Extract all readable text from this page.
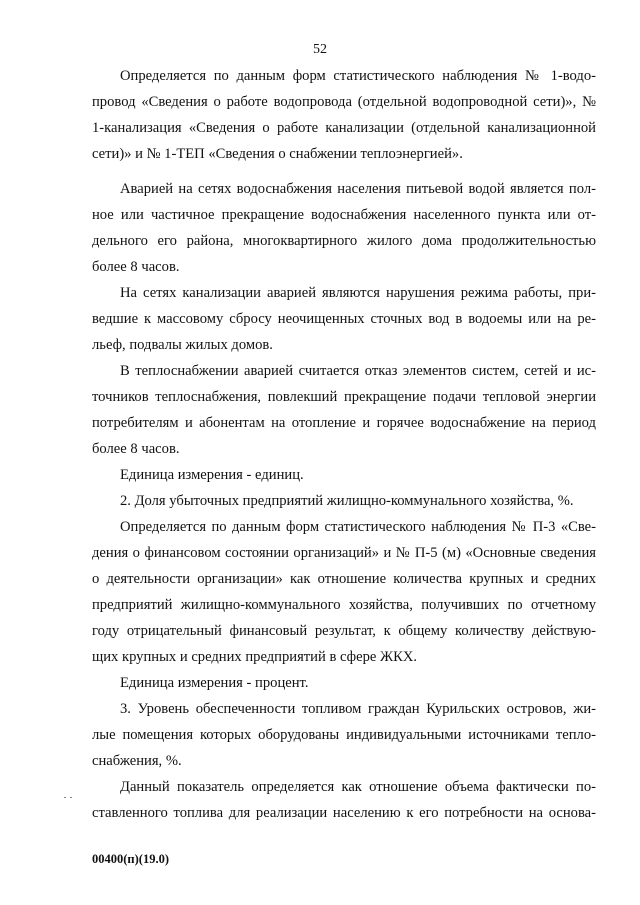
52
Определяется по данным форм статистического наблюдения № 1-водо-
провод «Сведения о работе водопровода (отдельной водопроводной сети)», №
1-канализация «Сведения о работе канализации (отдельной канализационной
сети)» и № 1-ТЕП «Сведения о снабжении теплоэнергией».
Аварией на сетях водоснабжения населения питьевой водой является пол-
ное или частичное прекращение водоснабжения населенного пункта или от-
дельного его района, многоквартирного жилого дома продолжительностью
более 8 часов.
На сетях канализации аварией являются нарушения режима работы, при-
ведшие к массовому сбросу неочищенных сточных вод в водоемы или на ре-
льеф, подвалы жилых домов.
В теплоснабжении аварией считается отказ элементов систем, сетей и ис-
точников теплоснабжения, повлекший прекращение подачи тепловой энергии
потребителям и абонентам на отопление и горячее водоснабжение на период
более 8 часов.
Единица измерения - единиц.
2. Доля убыточных предприятий жилищно-коммунального хозяйства, %.
Определяется по данным форм статистического наблюдения № П-3 «Све-
дения о финансовом состоянии организаций» и № П-5 (м) «Основные сведения
о деятельности организации» как отношение количества крупных и средних
предприятий жилищно-коммунального хозяйства, получивших по отчетному
году отрицательный финансовый результат, к общему количеству действую-
щих крупных и средних предприятий в сфере ЖКХ.
Единица измерения - процент.
3. Уровень обеспеченности топливом граждан Курильских островов, жи-
лые помещения которых оборудованы индивидуальными источниками тепло-
снабжения, %.
Данный показатель определяется как отношение объема фактически по-
ставленного топлива для реализации населению к его потребности на основа-
00400(п)(19.0)
